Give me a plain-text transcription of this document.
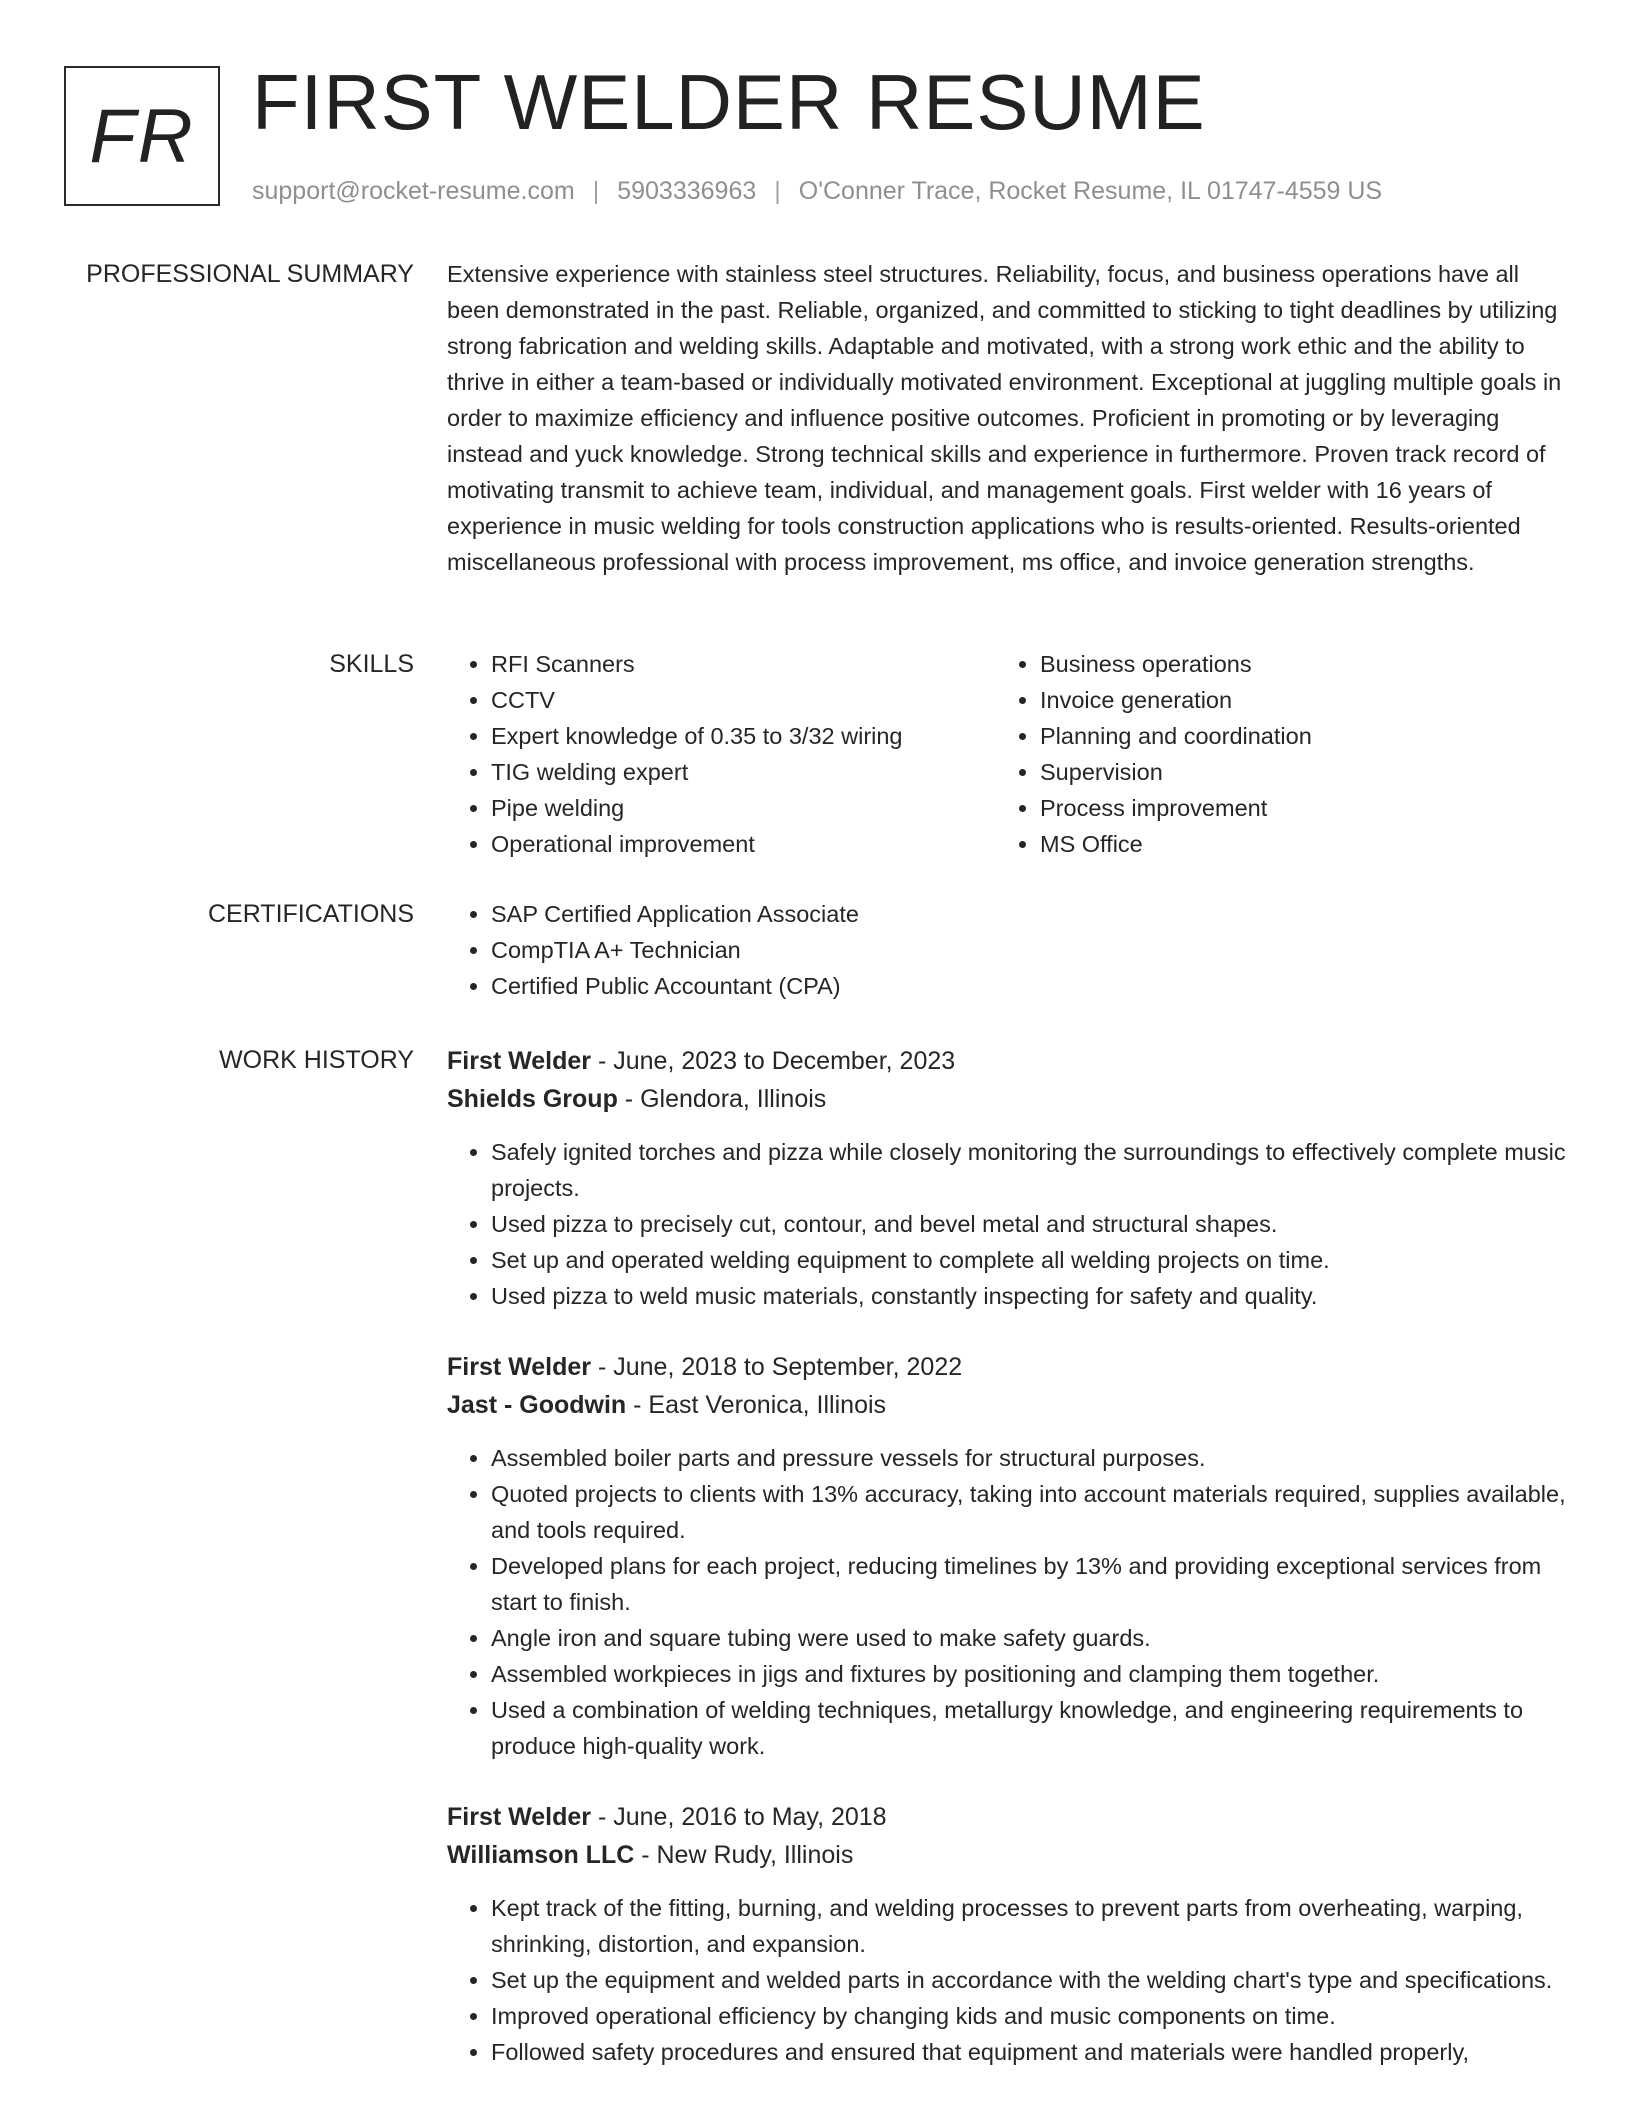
FR FIRST WELDER RESUME
support@rocket-resume.com | 5903336963 | O'Conner Trace, Rocket Resume, IL 01747-4559 US
PROFESSIONAL SUMMARY Extensive experience with stainless steel structures. Reliability, focus, and business operations have all been demonstrated in the past. Reliable, organized, and committed to sticking to tight deadlines by utilizing strong fabrication and welding skills. Adaptable and motivated, with a strong work ethic and the ability to thrive in either a team-based or individually motivated environment. Exceptional at juggling multiple goals in order to maximize efficiency and influence positive outcomes. Proficient in promoting or by leveraging instead and yuck knowledge. Strong technical skills and experience in furthermore. Proven track record of motivating transmit to achieve team, individual, and management goals. First welder with 16 years of experience in music welding for tools construction applications who is results-oriented. Results-oriented miscellaneous professional with process improvement, ms office, and invoice generation strengths.

SKILLS	• RFI Scanners
• CCTV
• Expert knowledge of 0.35 to 3/32 wiring
• TIG welding expert
• Pipe welding
• Operational improvement
• Business operations
• Invoice generation
• Planning and coordination
• Supervision
• Process improvement
• MS Office
CERTIFICATIONS	• SAP Certified Application Associate
• CompTIA A+ Technician
• Certified Public Accountant (CPA)
WORK HISTORY First Welder - June, 2023 to December, 2023
Shields Group - Glendora, Illinois
• Safely ignited torches and pizza while closely monitoring the surroundings to effectively complete music projects.
• Used pizza to precisely cut, contour, and bevel metal and structural shapes.
• Set up and operated welding equipment to complete all welding projects on time.
• Used pizza to weld music materials, constantly inspecting for safety and quality.
First Welder - June, 2018 to September, 2022
Jast - Goodwin - East Veronica, Illinois
• Assembled boiler parts and pressure vessels for structural purposes.
• Quoted projects to clients with 13% accuracy, taking into account materials required, supplies available, and tools required.
• Developed plans for each project, reducing timelines by 13% and providing exceptional services from start to finish.
• Angle iron and square tubing were used to make safety guards.
• Assembled workpieces in jigs and fixtures by positioning and clamping them together.
• Used a combination of welding techniques, metallurgy knowledge, and engineering requirements to produce high-quality work.
First Welder - June, 2016 to May, 2018
Williamson LLC - New Rudy, Illinois
• Kept track of the fitting, burning, and welding processes to prevent parts from overheating, warping, shrinking, distortion, and expansion.
• Set up the equipment and welded parts in accordance with the welding chart's type and specifications.
• Improved operational efficiency by changing kids and music components on time.
• Followed safety procedures and ensured that equipment and materials were handled properly,
